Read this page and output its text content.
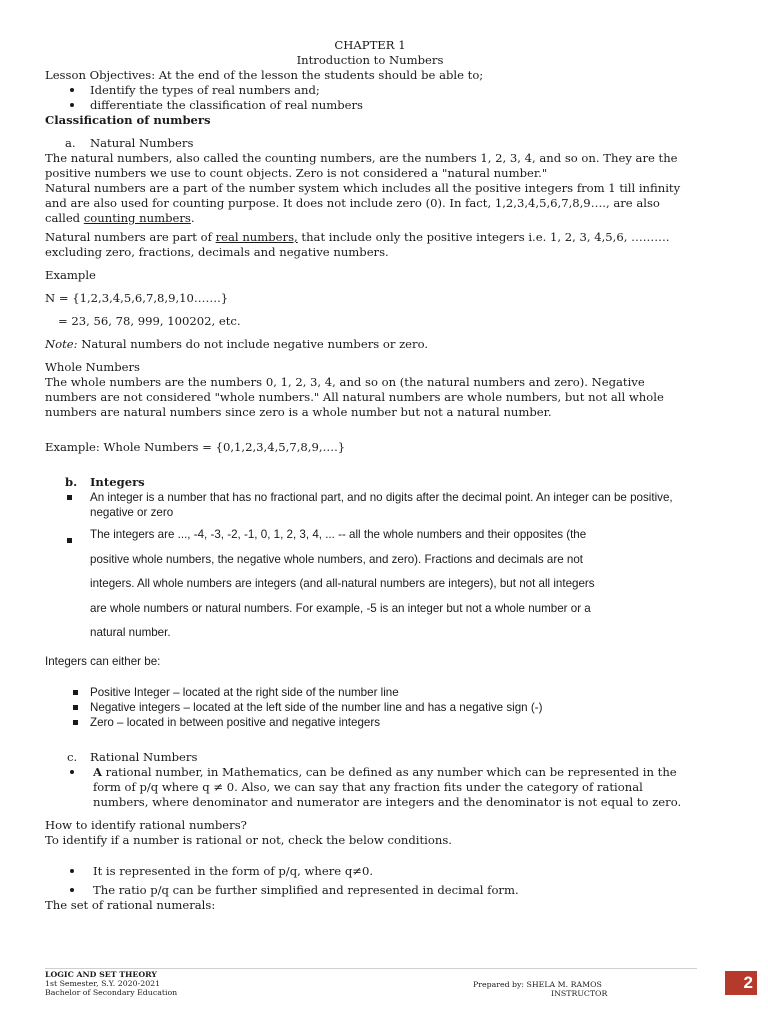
CHAPTER 1

Introduction to Numbers

Lesson Objectives: At the end of the lesson the students should be able to;

Identify the types of real numbers and;
differentiate the classification of real numbers

Classification of numbers

a.	Natural Numbers

The natural numbers, also called the counting numbers, are the numbers 1, 2, 3, 4, and so on. They are the positive numbers we use to count objects. Zero is not considered a "natural number."

Natural numbers are a part of the number system which includes all the positive integers from 1 till infinity and are also used for counting purpose. It does not include zero (0). In fact, 1,2,3,4,5,6,7,8,9…., are also called counting numbers.

Natural numbers are part of real numbers, that include only the positive integers i.e. 1, 2, 3, 4,5,6, ………. excluding zero, fractions, decimals and negative numbers.

Example

N = {1,2,3,4,5,6,7,8,9,10…….}

= 23, 56, 78, 999, 100202, etc.

Note: Natural numbers do not include negative numbers or zero.

Whole Numbers

The whole numbers are the numbers 0, 1, 2, 3, 4, and so on (the natural numbers and zero). Negative numbers are not considered "whole numbers." All natural numbers are whole numbers, but not all whole numbers are natural numbers since zero is a whole number but not a natural number.

Example: Whole Numbers = {0,1,2,3,4,5,7,8,9,….}

b.	Integers
An integer is a number that has no fractional part, and no digits after the decimal point. An integer can be positive, negative or zero

The integers are ..., -4, -3, -2, -1, 0, 1, 2, 3, 4, ... -- all the whole numbers and their opposites (the

positive whole numbers, the negative whole numbers, and zero). Fractions and decimals are not

integers. All whole numbers are integers (and all-natural numbers are integers), but not all integers

are whole numbers or natural numbers. For example, -5 is an integer but not a whole number or a

natural number.

Integers can either be:

Positive Integer – located at the right side of the number line
Negative integers – located at the left side of the number line and has a negative sign (-)
Zero – located in between positive and negative integers
c.	Rational Numbers
A rational number, in Mathematics, can be defined as any number which can be represented in the form of p/q where q ≠ 0. Also, we can say that any fraction fits under the category of rational numbers, where denominator and numerator are integers and the denominator is not equal to zero.

How to identify rational numbers?

To identify if a number is rational or not, check the below conditions.

It is represented in the form of p/q, where q≠0.
The ratio p/q can be further simplified and represented in decimal form.

The set of rational numerals:

LOGIC AND SET THEORY
1st Semester, S.Y. 2020-2021
Bachelor of Secondary Education
Prepared by: SHELA M. RAMOS
INSTRUCTOR
2
